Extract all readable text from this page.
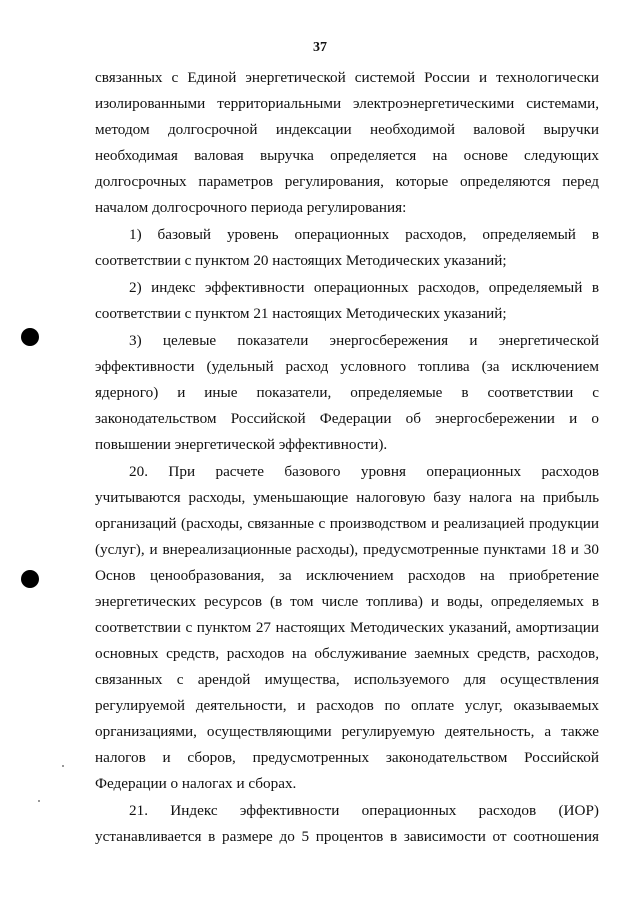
37
связанных с Единой энергетической системой России и технологически
изолированными территориальными электроэнергетическими системами,
методом долгосрочной индексации необходимой валовой выручки
необходимая валовая выручка определяется на основе следующих
долгосрочных параметров регулирования, которые определяются перед
началом долгосрочного периода регулирования:
1) базовый уровень операционных расходов, определяемый в
соответствии с пунктом 20 настоящих Методических указаний;
2) индекс эффективности операционных расходов, определяемый в
соответствии с пунктом 21 настоящих Методических указаний;
3) целевые показатели энергосбережения и энергетической
эффективности (удельный расход условного топлива (за исключением
ядерного) и иные показатели, определяемые в соответствии с
законодательством Российской Федерации об энергосбережении и о
повышении энергетической эффективности).
20. При расчете базового уровня операционных расходов
учитываются расходы, уменьшающие налоговую базу налога на прибыль
организаций (расходы, связанные с производством и реализацией продукции
(услуг), и внереализационные расходы), предусмотренные пунктами 18 и 30
Основ ценообразования, за исключением расходов на приобретение
энергетических ресурсов (в том числе топлива) и воды, определяемых в
соответствии с пунктом 27 настоящих Методических указаний, амортизации
основных средств, расходов на обслуживание заемных средств, расходов,
связанных с арендой имущества, используемого для осуществления
регулируемой деятельности, и расходов по оплате услуг, оказываемых
организациями, осуществляющими регулируемую деятельность, а также
налогов и сборов, предусмотренных законодательством Российской
Федерации о налогах и сборах.
21. Индекс эффективности операционных расходов (ИОР)
устанавливается в размере до 5 процентов в зависимости от соотношения
